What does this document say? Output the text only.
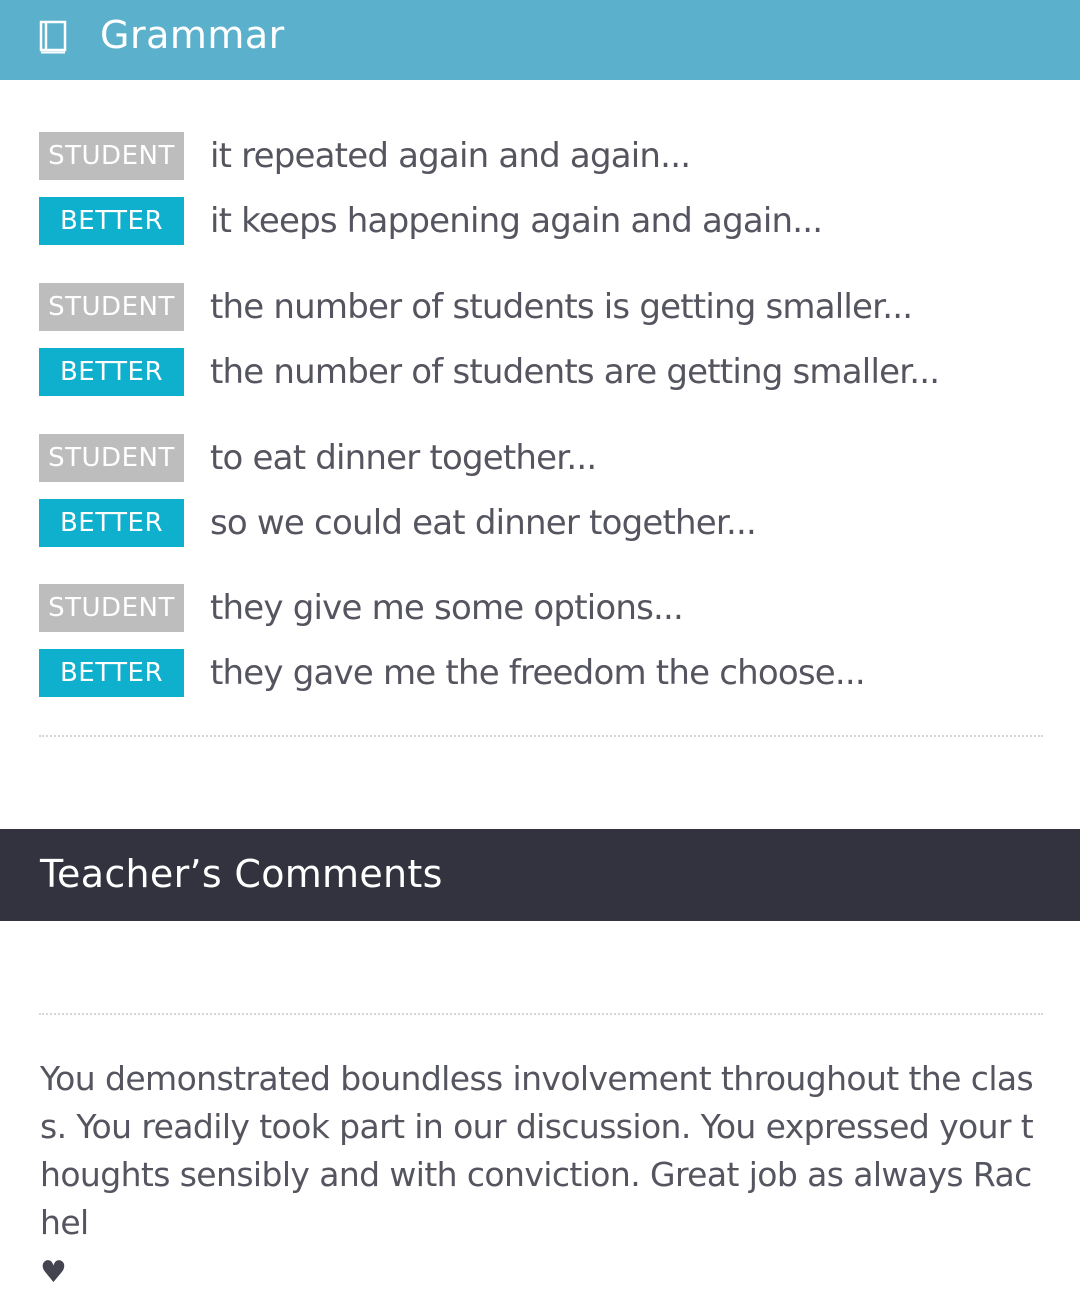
Grammar
STUDENT it repeated again and again...
BETTER	it keeps happening again and again...
STUDENT the number of students is getting smaller...
BETTER	the number of students are getting smaller...
STUDENT to eat dinner together...
BETTER	so we could eat dinner together...
STUDENT they give me some options...
BETTER	they gave me the freedom the choose...
Teacher’s Comments
You demonstrated boundless involvement throughout the class. You readily took part in our discussion. You expressed your thoughts sensibly and with conviction. Great job as always Rachel
♥
